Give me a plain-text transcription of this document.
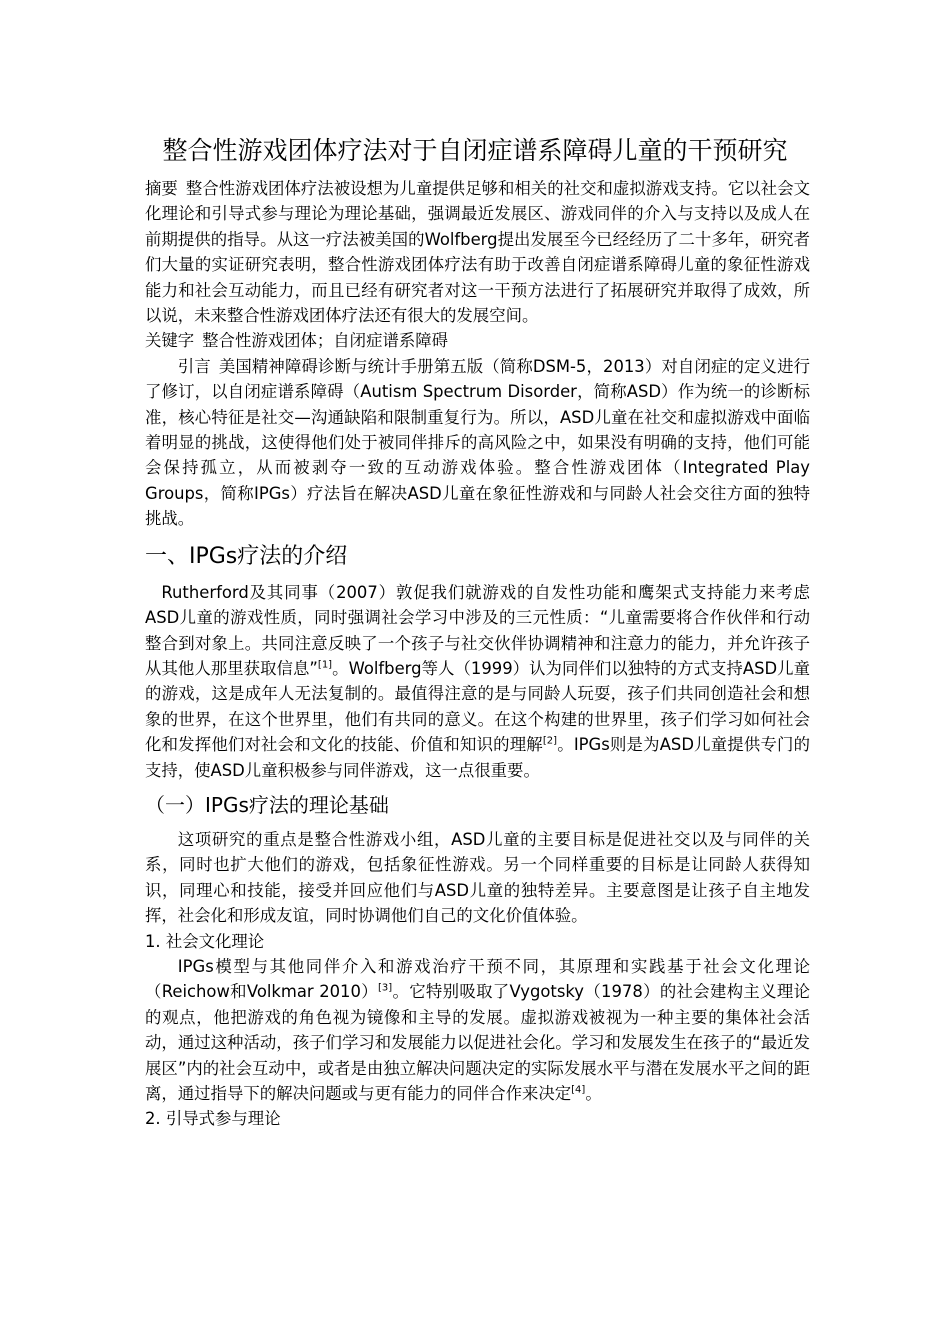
整合性游戏团体疗法对于自闭症谱系障碍儿童的干预研究

摘要 整合性游戏团体疗法被设想为儿童提供足够和相关的社交和虚拟游戏支持。它以社会文化理论和引导式参与理论为理论基础，强调最近发展区、游戏同伴的介入与支持以及成人在前期提供的指导。从这一疗法被美国的Wolfberg提出发展至今已经经历了二十多年，研究者们大量的实证研究表明，整合性游戏团体疗法有助于改善自闭症谱系障碍儿童的象征性游戏能力和社会互动能力，而且已经有研究者对这一干预方法进行了拓展研究并取得了成效，所以说，未来整合性游戏团体疗法还有很大的发展空间。

关键字 整合性游戏团体；自闭症谱系障碍

引言 美国精神障碍诊断与统计手册第五版（简称DSM-5，2013）对自闭症的定义进行了修订，以自闭症谱系障碍（Autism Spectrum Disorder，简称ASD）作为统一的诊断标准，核心特征是社交—沟通缺陷和限制重复行为。所以，ASD儿童在社交和虚拟游戏中面临着明显的挑战，这使得他们处于被同伴排斥的高风险之中，如果没有明确的支持，他们可能会保持孤立，从而被剥夺一致的互动游戏体验。整合性游戏团体（Integrated Play Groups，简称IPGs）疗法旨在解决ASD儿童在象征性游戏和与同龄人社会交往方面的独特挑战。

一、IPGs疗法的介绍

Rutherford及其同事（2007）敦促我们就游戏的自发性功能和鹰架式支持能力来考虑ASD儿童的游戏性质，同时强调社会学习中涉及的三元性质：“儿童需要将合作伙伴和行动整合到对象上。共同注意反映了一个孩子与社交伙伴协调精神和注意力的能力，并允许孩子从其他人那里获取信息”[1]。Wolfberg等人（1999）认为同伴们以独特的方式支持ASD儿童的游戏，这是成年人无法复制的。最值得注意的是与同龄人玩耍，孩子们共同创造社会和想象的世界，在这个世界里，他们有共同的意义。在这个构建的世界里，孩子们学习如何社会化和发挥他们对社会和文化的技能、价值和知识的理解[2]。IPGs则是为ASD儿童提供专门的支持，使ASD儿童积极参与同伴游戏，这一点很重要。

（一）IPGs疗法的理论基础

这项研究的重点是整合性游戏小组，ASD儿童的主要目标是促进社交以及与同伴的关系，同时也扩大他们的游戏，包括象征性游戏。另一个同样重要的目标是让同龄人获得知识，同理心和技能，接受并回应他们与ASD儿童的独特差异。主要意图是让孩子自主地发挥，社会化和形成友谊，同时协调他们自己的文化价值体验。

1. 社会文化理论

IPGs模型与其他同伴介入和游戏治疗干预不同，其原理和实践基于社会文化理论（Reichow和Volkmar 2010）[3]。它特别吸取了Vygotsky（1978）的社会建构主义理论的观点，他把游戏的角色视为镜像和主导的发展。虚拟游戏被视为一种主要的集体社会活动，通过这种活动，孩子们学习和发展能力以促进社会化。学习和发展发生在孩子的“最近发展区”内的社会互动中，或者是由独立解决问题决定的实际发展水平与潜在发展水平之间的距离，通过指导下的解决问题或与更有能力的同伴合作来决定[4]。

2. 引导式参与理论
